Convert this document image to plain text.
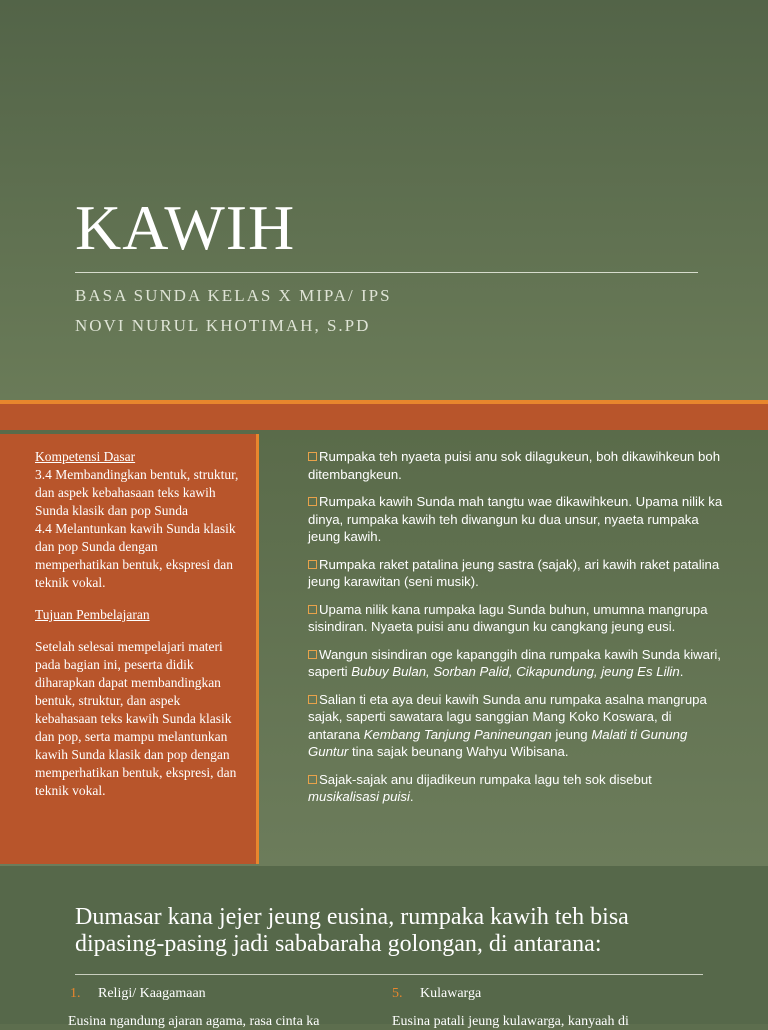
KAWIH

BASA SUNDA KELAS X MIPA/ IPS

NOVI NURUL KHOTIMAH, S.PD

Kompetensi Dasar
3.4 Membandingkan bentuk, struktur, dan aspek kebahasaan teks kawih Sunda klasik dan pop Sunda
4.4 Melantunkan kawih Sunda klasik dan pop Sunda dengan memperhatikan bentuk, ekspresi dan teknik vokal.
Tujuan Pembelajaran
Setelah selesai mempelajari materi pada bagian ini, peserta didik diharapkan dapat membandingkan bentuk, struktur, dan aspek kebahasaan teks kawih Sunda klasik dan pop, serta mampu melantunkan kawih Sunda klasik dan pop dengan memperhatikan bentuk, ekspresi, dan teknik vokal.
Rumpaka teh nyaeta puisi anu sok dilagukeun, boh dikawihkeun boh ditembangkeun.
Rumpaka kawih Sunda mah tangtu wae dikawihkeun. Upama nilik ka dinya, rumpaka kawih teh diwangun ku dua unsur, nyaeta rumpaka jeung kawih.
Rumpaka raket patalina jeung sastra (sajak), ari kawih raket patalina jeung karawitan (seni musik).
Upama nilik kana rumpaka lagu Sunda buhun, umumna mangrupa sisindiran. Nyaeta puisi anu diwangun ku cangkang jeung eusi.
Wangun sisindiran oge kapanggih dina rumpaka kawih Sunda kiwari, saperti Bubuy Bulan, Sorban Palid, Cikapundung, jeung Es Lilin.
Salian ti eta aya deui kawih Sunda anu rumpaka asalna mangrupa sajak, saperti sawatara lagu sanggian Mang Koko Koswara, di antarana Kembang Tanjung Panineungan jeung Malati ti Gunung Guntur tina sajak beunang Wahyu Wibisana.
Sajak-sajak anu dijadikeun rumpaka lagu teh sok disebut musikalisasi puisi.

Dumasar kana jejer jeung eusina, rumpaka kawih teh bisa dipasing-pasing jadi sababaraha golongan, di antarana:

1. Religi/ Kaagamaan	5. Kulawarga
Eusina ngandung ajaran agama, rasa cinta ka	Eusina patali jeung kulawarga, kanyaah di
